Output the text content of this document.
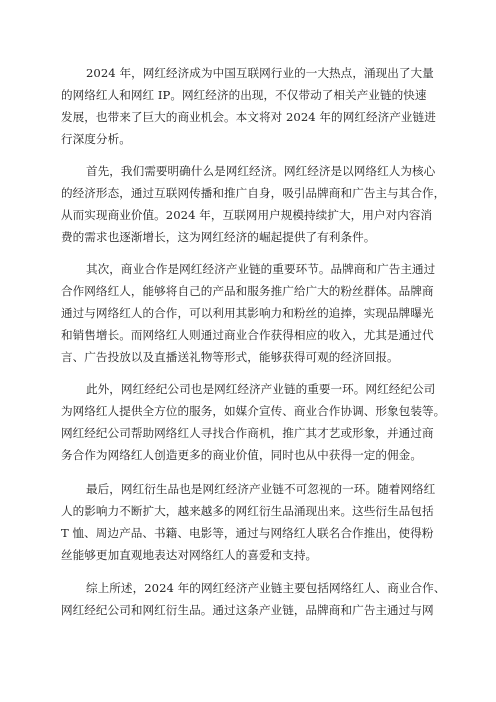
2024 年，网红经济成为中国互联网行业的一大热点，涌现出了大量
的网络红人和网红 IP。网红经济的出现，不仅带动了相关产业链的快速
发展，也带来了巨大的商业机会。本文将对 2024 年的网红经济产业链进
行深度分析。
首先，我们需要明确什么是网红经济。网红经济是以网络红人为核心
的经济形态，通过互联网传播和推广自身，吸引品牌商和广告主与其合作，
从而实现商业价值。2024 年，互联网用户规模持续扩大，用户对内容消
费的需求也逐渐增长，这为网红经济的崛起提供了有利条件。
其次，商业合作是网红经济产业链的重要环节。品牌商和广告主通过
合作网络红人，能够将自己的产品和服务推广给广大的粉丝群体。品牌商
通过与网络红人的合作，可以利用其影响力和粉丝的追捧，实现品牌曝光
和销售增长。而网络红人则通过商业合作获得相应的收入，尤其是通过代
言、广告投放以及直播送礼物等形式，能够获得可观的经济回报。
此外，网红经纪公司也是网红经济产业链的重要一环。网红经纪公司
为网络红人提供全方位的服务，如媒介宣传、商业合作协调、形象包装等。
网红经纪公司帮助网络红人寻找合作商机，推广其才艺或形象，并通过商
务合作为网络红人创造更多的商业价值，同时也从中获得一定的佣金。
最后，网红衍生品也是网红经济产业链不可忽视的一环。随着网络红
人的影响力不断扩大，越来越多的网红衍生品涌现出来。这些衍生品包括
T 恤、周边产品、书籍、电影等，通过与网络红人联名合作推出，使得粉
丝能够更加直观地表达对网络红人的喜爱和支持。
综上所述，2024 年的网红经济产业链主要包括网络红人、商业合作、
网红经纪公司和网红衍生品。通过这条产业链，品牌商和广告主通过与网
